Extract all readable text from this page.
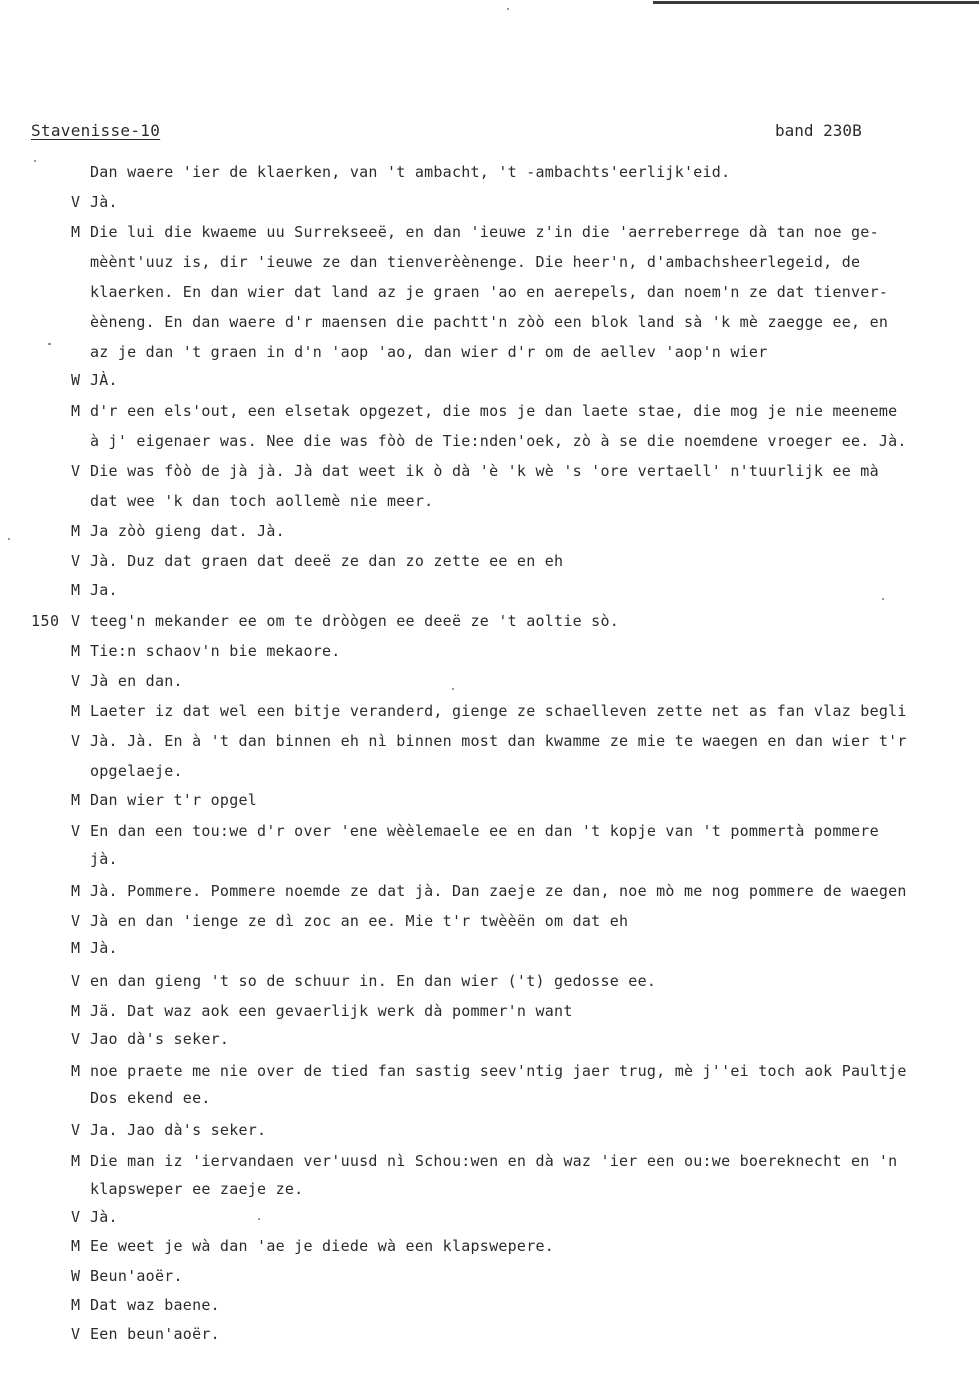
Stavenisse-10	band 230B
Dan waere 'ier de klaerken, van 't ambacht, 't -ambachts'eerlijk'eid.
V Jà.
M Die lui die kwaeme uu Surrekseeë, en dan 'ieuwe z'in die 'aerreberrege dà tan noe ge-
mèènt'uuz is, dir 'ieuwe ze dan tienverèènenge. Die heer'n, d'ambachsheerlegeid, de
klaerken. En dan wier dat land az je graen 'ao en aerepels, dan noem'n ze dat tienver-
èèneng. En dan waere d'r maensen die pachtt'n zòò een blok land sà 'k mè zaegge ee, en
az je dan 't graen in d'n 'aop 'ao, dan wier d'r om de aellev 'aop'n wier
W JÀ.
M d'r een els'out, een elsetak opgezet, die mos je dan laete stae, die mog je nie meeneme
à j' eigenaer was. Nee die was fòò de Tie:nden'oek, zò à se die noemdene vroeger ee. Jà.
V Die was fòò de jà jà. Jà dat weet ik ò dà 'è 'k wè 's 'ore vertaell' n'tuurlijk ee mà
dat wee 'k dan toch aollemè nie meer.
M Ja zòò gieng dat. Jà.
V Jà. Duz dat graen dat deeë ze dan zo zette ee en eh
M Ja.
150 V teeg'n mekander ee om te dròògen ee deeë ze 't aoltie sò.
M Tie:n schaov'n bie mekaore.
V Jà en dan.
M Laeter iz dat wel een bitje veranderd, gienge ze schaelleven zette net as fan vlaz begli
V Jà. Jà. En à 't dan binnen eh nì binnen most dan kwamme ze mie te waegen en dan wier t'r
opgelaeje.
M Dan wier t'r opgel
V En dan een tou:we d'r over 'ene wèèlemaele ee en dan 't kopje van 't pommertà pommere
jà.
M Jà. Pommere. Pommere noemde ze dat jà. Dan zaeje ze dan, noe mò me nog pommere de waegen
V Jà en dan 'ienge ze dì zoc an ee. Mie t'r twèèën om dat eh
M Jà.
V en dan gieng 't so de schuur in. En dan wier ('t) gedosse ee.
M Jä. Dat waz aok een gevaerlijk werk dà pommer'n want
V Jao dà's seker.
M noe praete me nie over de tied fan sastig seev'ntig jaer trug, mè j''ei toch aok Paultje
Dos ekend ee.
V Ja. Jao dà's seker.
M Die man iz 'iervandaen ver'uusd nì Schou:wen en dà waz 'ier een ou:we boereknecht en 'n
klapsweper ee zaeje ze.
V Jà.
M Ee weet je wà dan 'ae je diede wà een klapswepere.
W Beun'aoër.
M Dat waz baene.
V Een beun'aoër.
